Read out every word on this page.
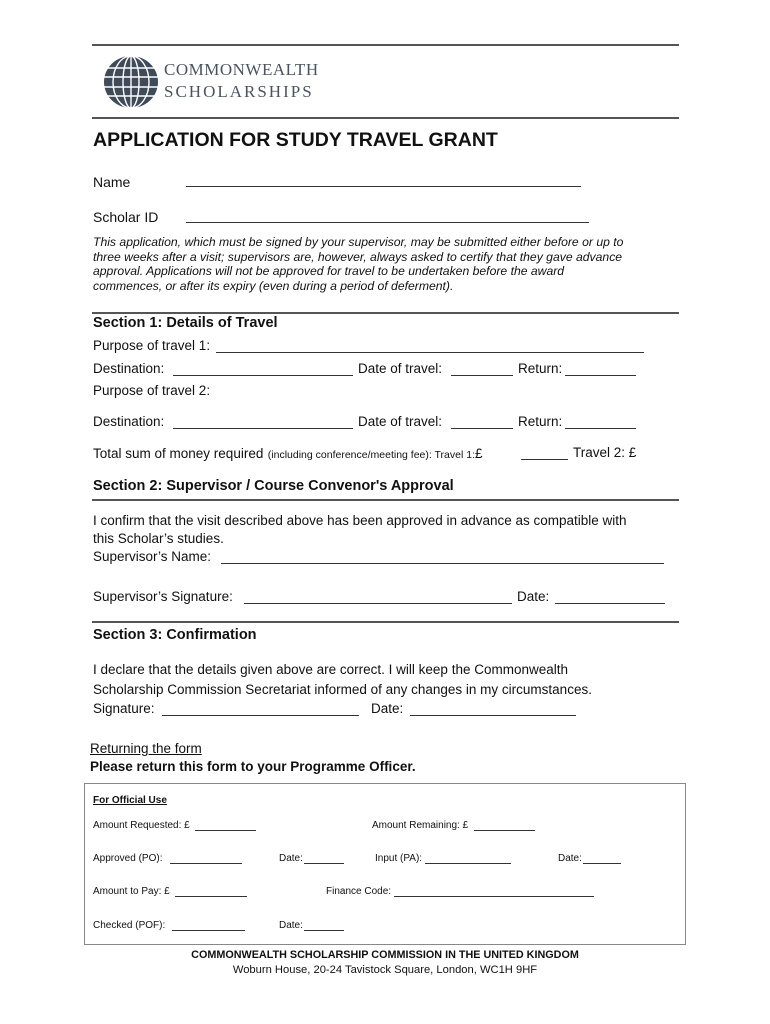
COMMONWEALTH
SCHOLARSHIPS
APPLICATION FOR STUDY TRAVEL GRANT
Name
Scholar ID
This application, which must be signed by your supervisor, may be submitted either before or up to
three weeks after a visit; supervisors are, however, always asked to certify that they gave advance
approval. Applications will not be approved for travel to be undertaken before the award
commences, or after its expiry (even during a period of deferment).
Section 1: Details of Travel
Purpose of travel 1:
Destination:	Date of travel:	Return:
Purpose of travel 2:
Destination:	Date of travel:	Return:
Total sum of money required (including conference/meeting fee): Travel 1:£	Travel 2: £
Section 2: Supervisor / Course Convenor's Approval
I confirm that the visit described above has been approved in advance as compatible with
this Scholar’s studies.
Supervisor’s Name:
Supervisor’s Signature:	Date:
Section 3: Confirmation
I declare that the details given above are correct. I will keep the Commonwealth
Scholarship Commission Secretariat informed of any changes in my circumstances.
Signature:	Date:
Returning the form
Please return this form to your Programme Officer.
For Official Use
Amount Requested: £	Amount Remaining: £
Approved (PO):	Date:	Input (PA):	Date:
Amount to Pay: £	Finance Code:
Checked (POF):	Date:
COMMONWEALTH SCHOLARSHIP COMMISSION IN THE UNITED KINGDOM
Woburn House, 20-24 Tavistock Square, London, WC1H 9HF
